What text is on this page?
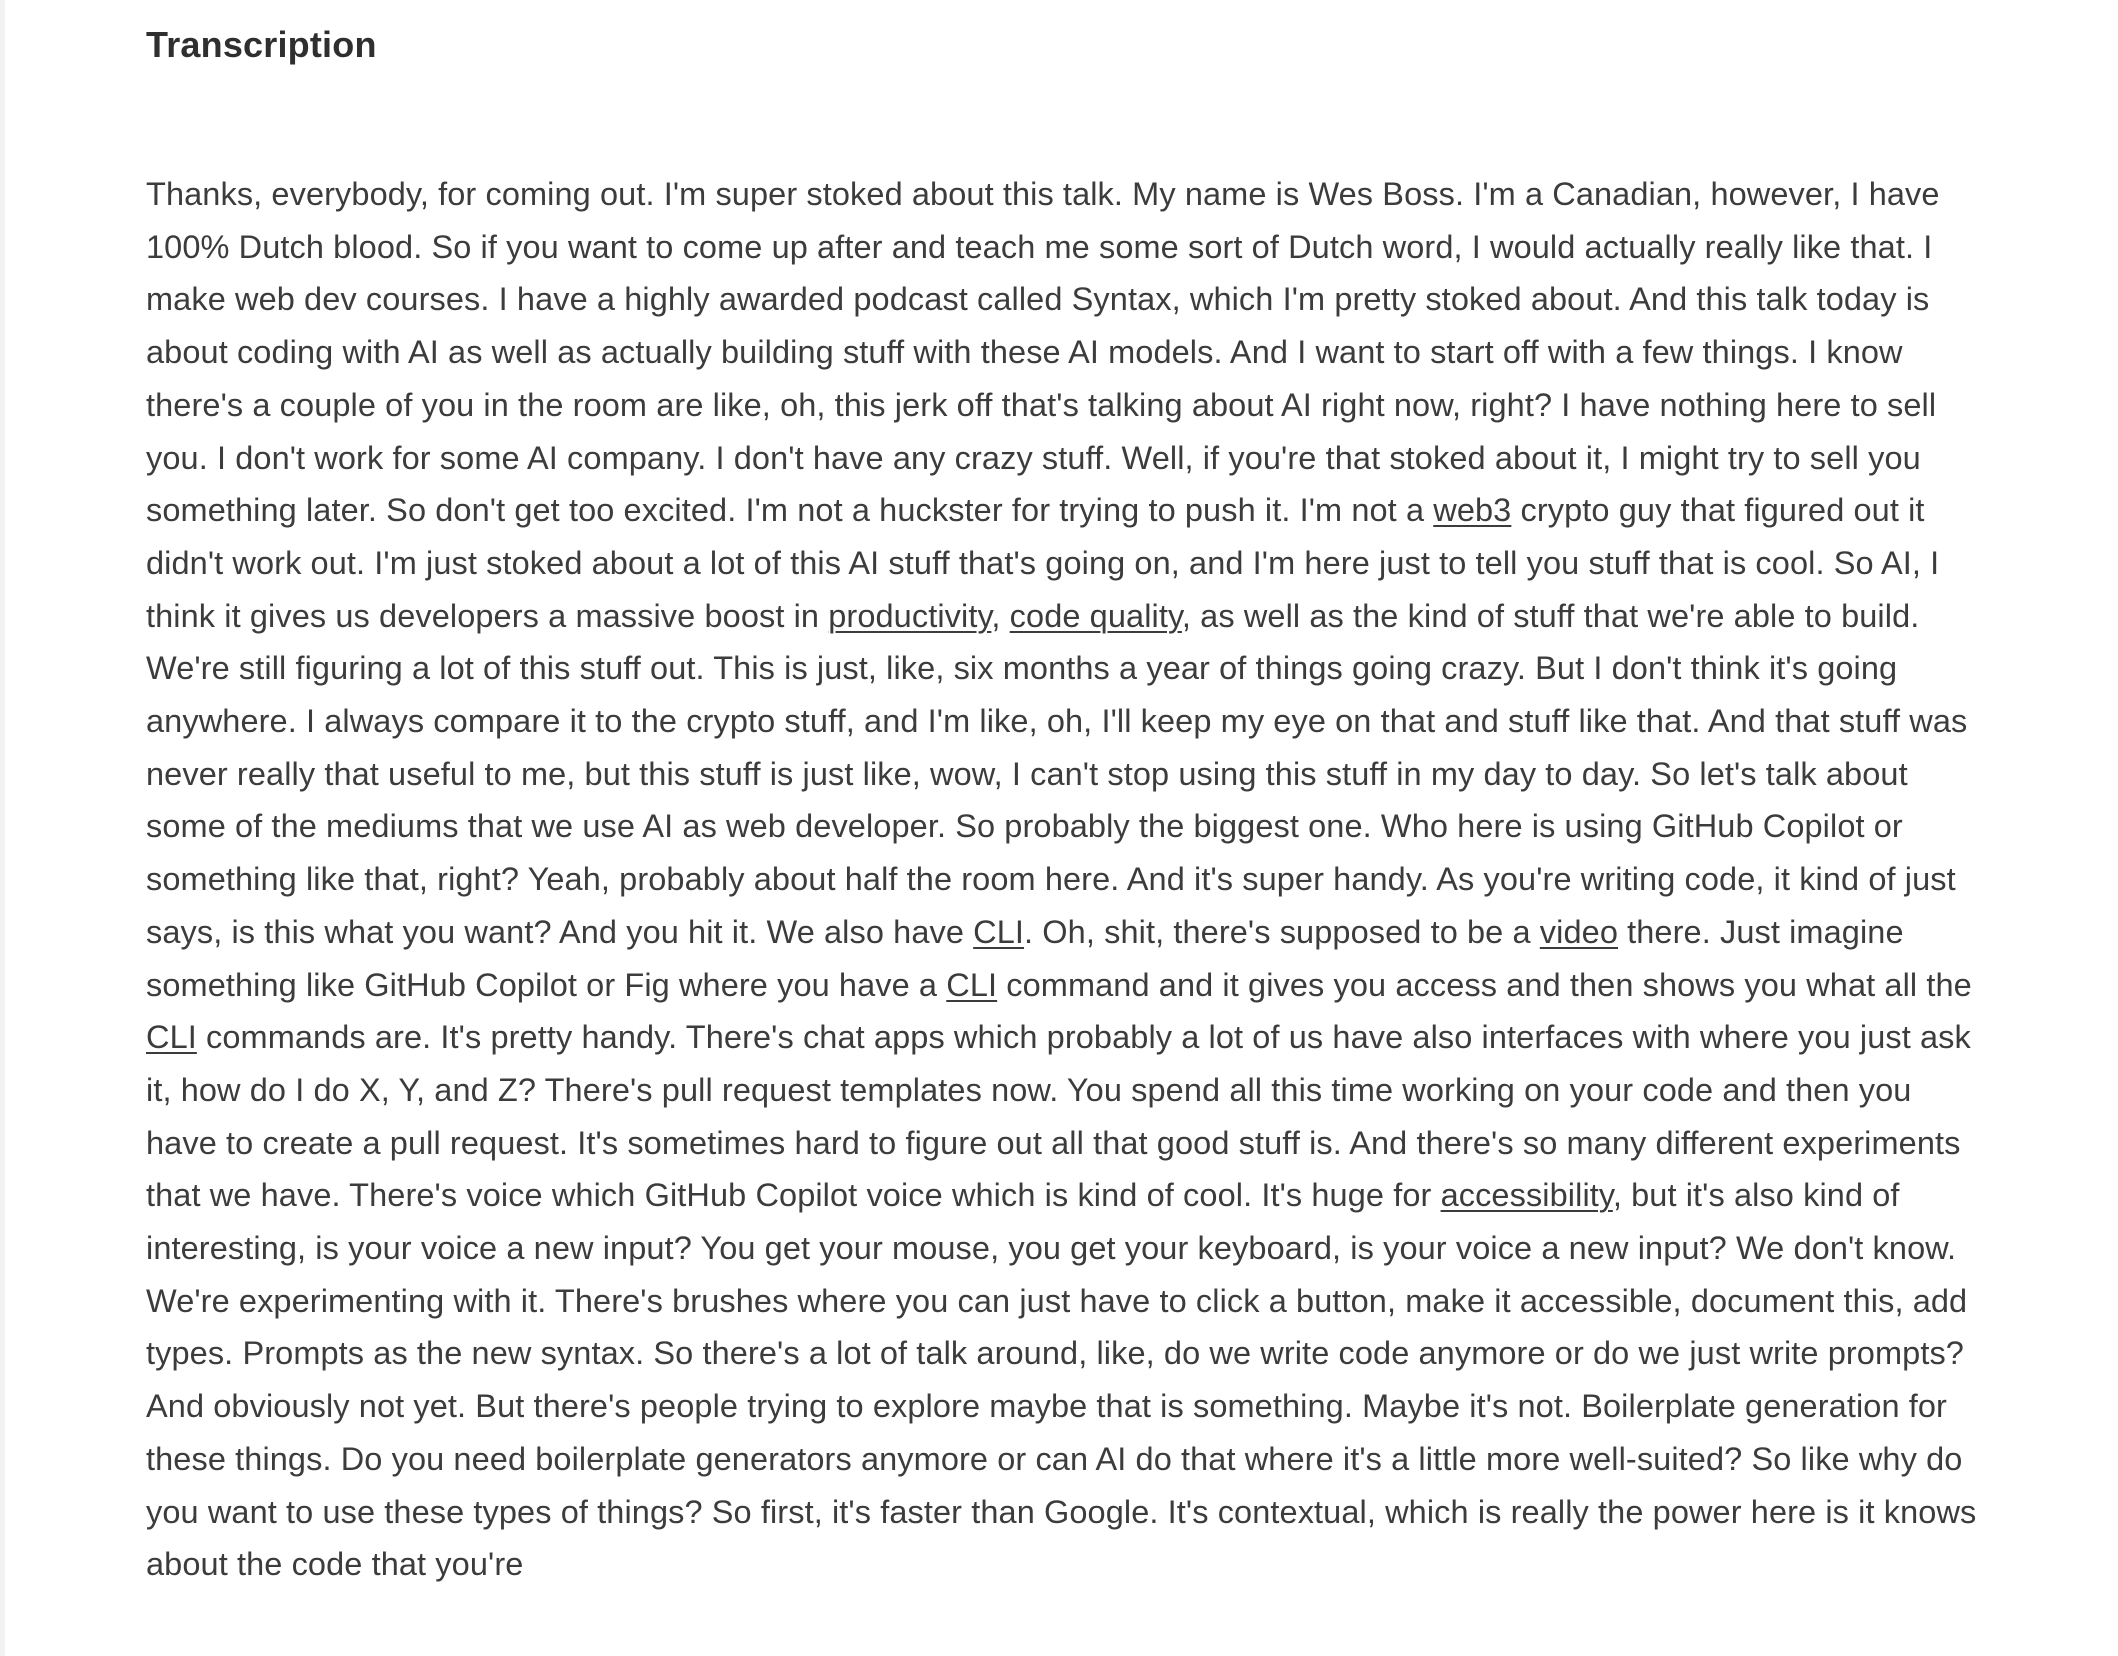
Transcription

Thanks, everybody, for coming out. I'm super stoked about this talk. My name is Wes Boss. I'm a Canadian, however, I have 100% Dutch blood. So if you want to come up after and teach me some sort of Dutch word, I would actually really like that. I make web dev courses. I have a highly awarded podcast called Syntax, which I'm pretty stoked about. And this talk today is about coding with AI as well as actually building stuff with these AI models. And I want to start off with a few things. I know there's a couple of you in the room are like, oh, this jerk off that's talking about AI right now, right? I have nothing here to sell you. I don't work for some AI company. I don't have any crazy stuff. Well, if you're that stoked about it, I might try to sell you something later. So don't get too excited. I'm not a huckster for trying to push it. I'm not a web3 crypto guy that figured out it didn't work out. I'm just stoked about a lot of this AI stuff that's going on, and I'm here just to tell you stuff that is cool. So AI, I think it gives us developers a massive boost in productivity, code quality, as well as the kind of stuff that we're able to build. We're still figuring a lot of this stuff out. This is just, like, six months a year of things going crazy. But I don't think it's going anywhere. I always compare it to the crypto stuff, and I'm like, oh, I'll keep my eye on that and stuff like that. And that stuff was never really that useful to me, but this stuff is just like, wow, I can't stop using this stuff in my day to day. So let's talk about some of the mediums that we use AI as web developer. So probably the biggest one. Who here is using GitHub Copilot or something like that, right? Yeah, probably about half the room here. And it's super handy. As you're writing code, it kind of just says, is this what you want? And you hit it. We also have CLI. Oh, shit, there's supposed to be a video there. Just imagine something like GitHub Copilot or Fig where you have a CLI command and it gives you access and then shows you what all the CLI commands are. It's pretty handy. There's chat apps which probably a lot of us have also interfaces with where you just ask it, how do I do X, Y, and Z? There's pull request templates now. You spend all this time working on your code and then you have to create a pull request. It's sometimes hard to figure out all that good stuff is. And there's so many different experiments that we have. There's voice which GitHub Copilot voice which is kind of cool. It's huge for accessibility, but it's also kind of interesting, is your voice a new input? You get your mouse, you get your keyboard, is your voice a new input? We don't know. We're experimenting with it. There's brushes where you can just have to click a button, make it accessible, document this, add types. Prompts as the new syntax. So there's a lot of talk around, like, do we write code anymore or do we just write prompts? And obviously not yet. But there's people trying to explore maybe that is something. Maybe it's not. Boilerplate generation for these things. Do you need boilerplate generators anymore or can AI do that where it's a little more well-suited? So like why do you want to use these types of things? So first, it's faster than Google. It's contextual, which is really the power here is it knows about the code that you're
